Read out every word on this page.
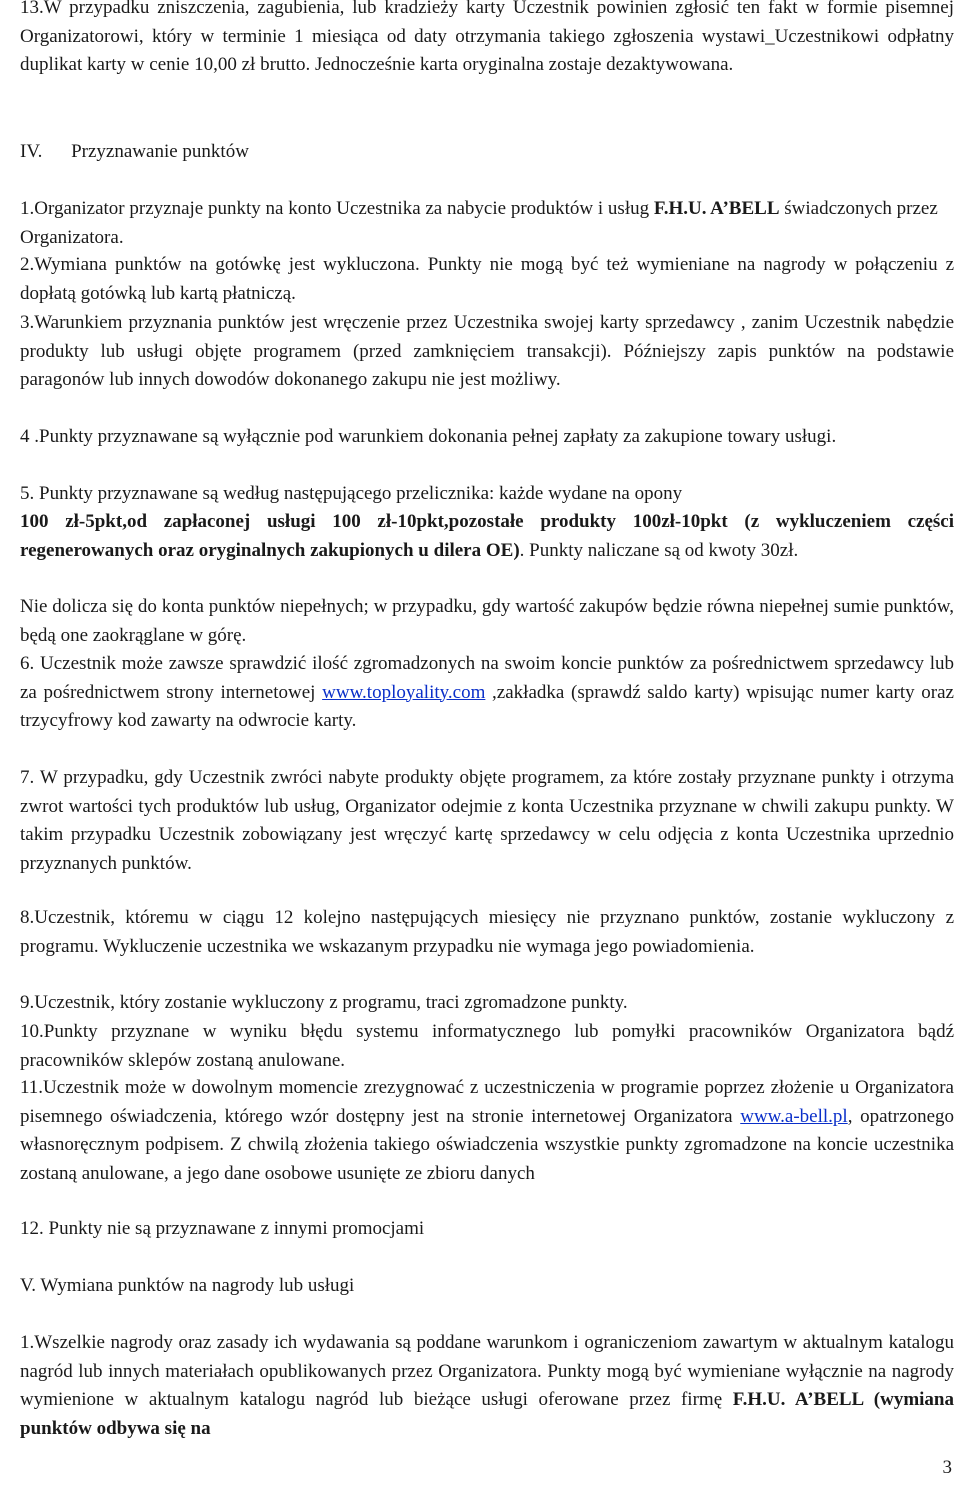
13.W przypadku zniszczenia, zagubienia, lub kradzieży karty Uczestnik powinien zgłosić ten fakt w formie pisemnej Organizatorowi, który w terminie 1 miesiąca od daty otrzymania takiego zgłoszenia wystawi_Uczestnikowi odpłatny duplikat karty w cenie 10,00 zł brutto. Jednocześnie karta oryginalna zostaje dezaktywowana.

IV. Przyznawanie punktów

1.Organizator przyznaje punkty na konto Uczestnika za nabycie produktów i usług F.H.U. A’BELL świadczonych przez Organizatora.

2.Wymiana punktów na gotówkę jest wykluczona. Punkty nie mogą być też wymieniane na nagrody w połączeniu z dopłatą gotówką lub kartą płatniczą.

3.Warunkiem przyznania punktów jest wręczenie przez Uczestnika swojej karty sprzedawcy , zanim Uczestnik nabędzie produkty lub usługi objęte programem (przed zamknięciem transakcji). Późniejszy zapis punktów na podstawie paragonów lub innych dowodów dokonanego zakupu nie jest możliwy.

4 .Punkty przyznawane są wyłącznie pod warunkiem dokonania pełnej zapłaty za zakupione towary usługi.

5. Punkty przyznawane są według następującego przelicznika: każde wydane na opony

100 zł-5pkt,od zapłaconej usługi 100 zł-10pkt,pozostałe produkty 100zł-10pkt (z wykluczeniem części regenerowanych oraz oryginalnych zakupionych u dilera OE). Punkty naliczane są od kwoty 30zł.

Nie dolicza się do konta punktów niepełnych; w przypadku, gdy wartość zakupów będzie równa niepełnej sumie punktów, będą one zaokrąglane w górę.

6. Uczestnik może zawsze sprawdzić ilość zgromadzonych na swoim koncie punktów za pośrednictwem sprzedawcy lub za pośrednictwem strony internetowej www.toployality.com ,zakładka (sprawdź saldo karty) wpisując numer karty oraz trzycyfrowy kod zawarty na odwrocie karty.

7. W przypadku, gdy Uczestnik zwróci nabyte produkty objęte programem, za które zostały przyznane punkty i otrzyma zwrot wartości tych produktów lub usług, Organizator odejmie z konta Uczestnika przyznane w chwili zakupu punkty. W takim przypadku Uczestnik zobowiązany jest wręczyć kartę sprzedawcy w celu odjęcia z konta Uczestnika uprzednio przyznanych punktów.

8.Uczestnik, któremu w ciągu 12 kolejno następujących miesięcy nie przyznano punktów, zostanie wykluczony z programu. Wykluczenie uczestnika we wskazanym przypadku nie wymaga jego powiadomienia.

9.Uczestnik, który zostanie wykluczony z programu, traci zgromadzone punkty.

10.Punkty przyznane w wyniku błędu systemu informatycznego lub pomyłki pracowników Organizatora bądź pracowników sklepów zostaną anulowane.

11.Uczestnik może w dowolnym momencie zrezygnować z uczestniczenia w programie poprzez złożenie u Organizatora pisemnego oświadczenia, którego wzór dostępny jest na stronie internetowej Organizatora www.a-bell.pl, opatrzonego własnoręcznym podpisem. Z chwilą złożenia takiego oświadczenia wszystkie punkty zgromadzone na koncie uczestnika zostaną anulowane, a jego dane osobowe usunięte ze zbioru danych

12. Punkty nie są przyznawane z innymi promocjami

V. Wymiana punktów na nagrody lub usługi

1.Wszelkie nagrody oraz zasady ich wydawania są poddane warunkom i ograniczeniom zawartym w aktualnym katalogu nagród lub innych materiałach opublikowanych przez Organizatora. Punkty mogą być wymieniane wyłącznie na nagrody wymienione w aktualnym katalogu nagród lub bieżące usługi oferowane przez firmę F.H.U. A’BELL (wymiana punktów odbywa się na

3
